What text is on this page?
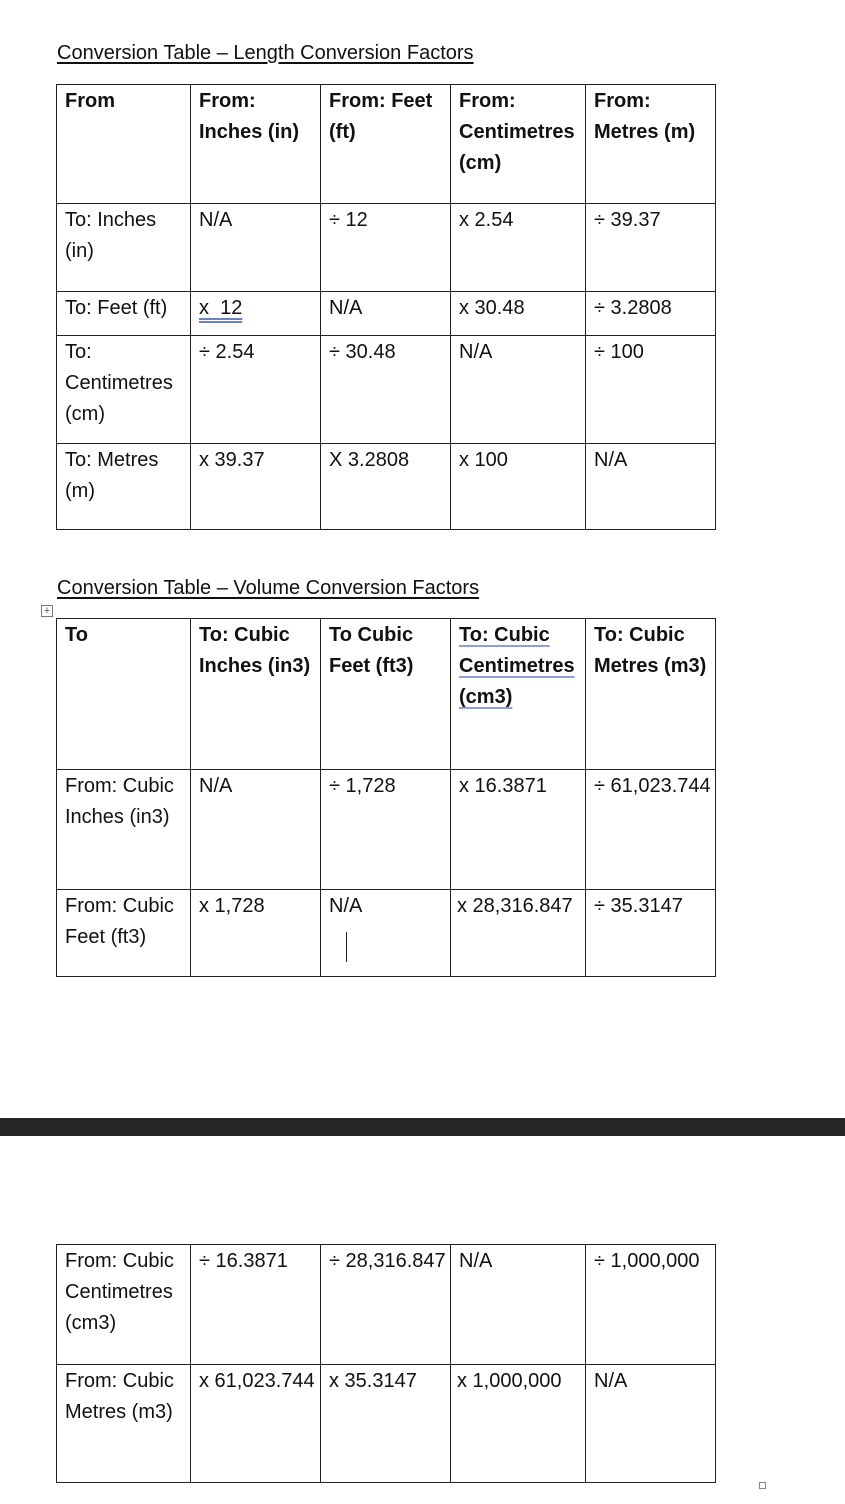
Conversion Table – Length Conversion Factors
From	From: Inches (in)	From: Feet (ft)	From: Centimetres (cm)	From: Metres (m)
To: Inches (in)	N/A	÷ 12	x 2.54	÷ 39.37
To: Feet (ft)	x  12	N/A	x 30.48	÷ 3.2808
To: Centimetres (cm)	÷ 2.54	÷ 30.48	N/A	÷ 100
To: Metres (m)	x 39.37	X 3.2808	x 100	N/A
Conversion Table – Volume Conversion Factors
+
To	To: Cubic Inches (in3)	To Cubic Feet (ft3)	To: Cubic Centimetres (cm3)	To: Cubic Metres (m3)
From: Cubic Inches (in3)	N/A	÷ 1,728	x 16.3871	÷ 61,023.744
From: Cubic Feet (ft3)	x 1,728	N/A	x 28,316.847	÷ 35.3147
From: Cubic Centimetres (cm3)	÷ 16.3871	÷ 28,316.847	N/A	÷ 1,000,000
From: Cubic Metres (m3)	x 61,023.744	x 35.3147	x 1,000,000	N/A
